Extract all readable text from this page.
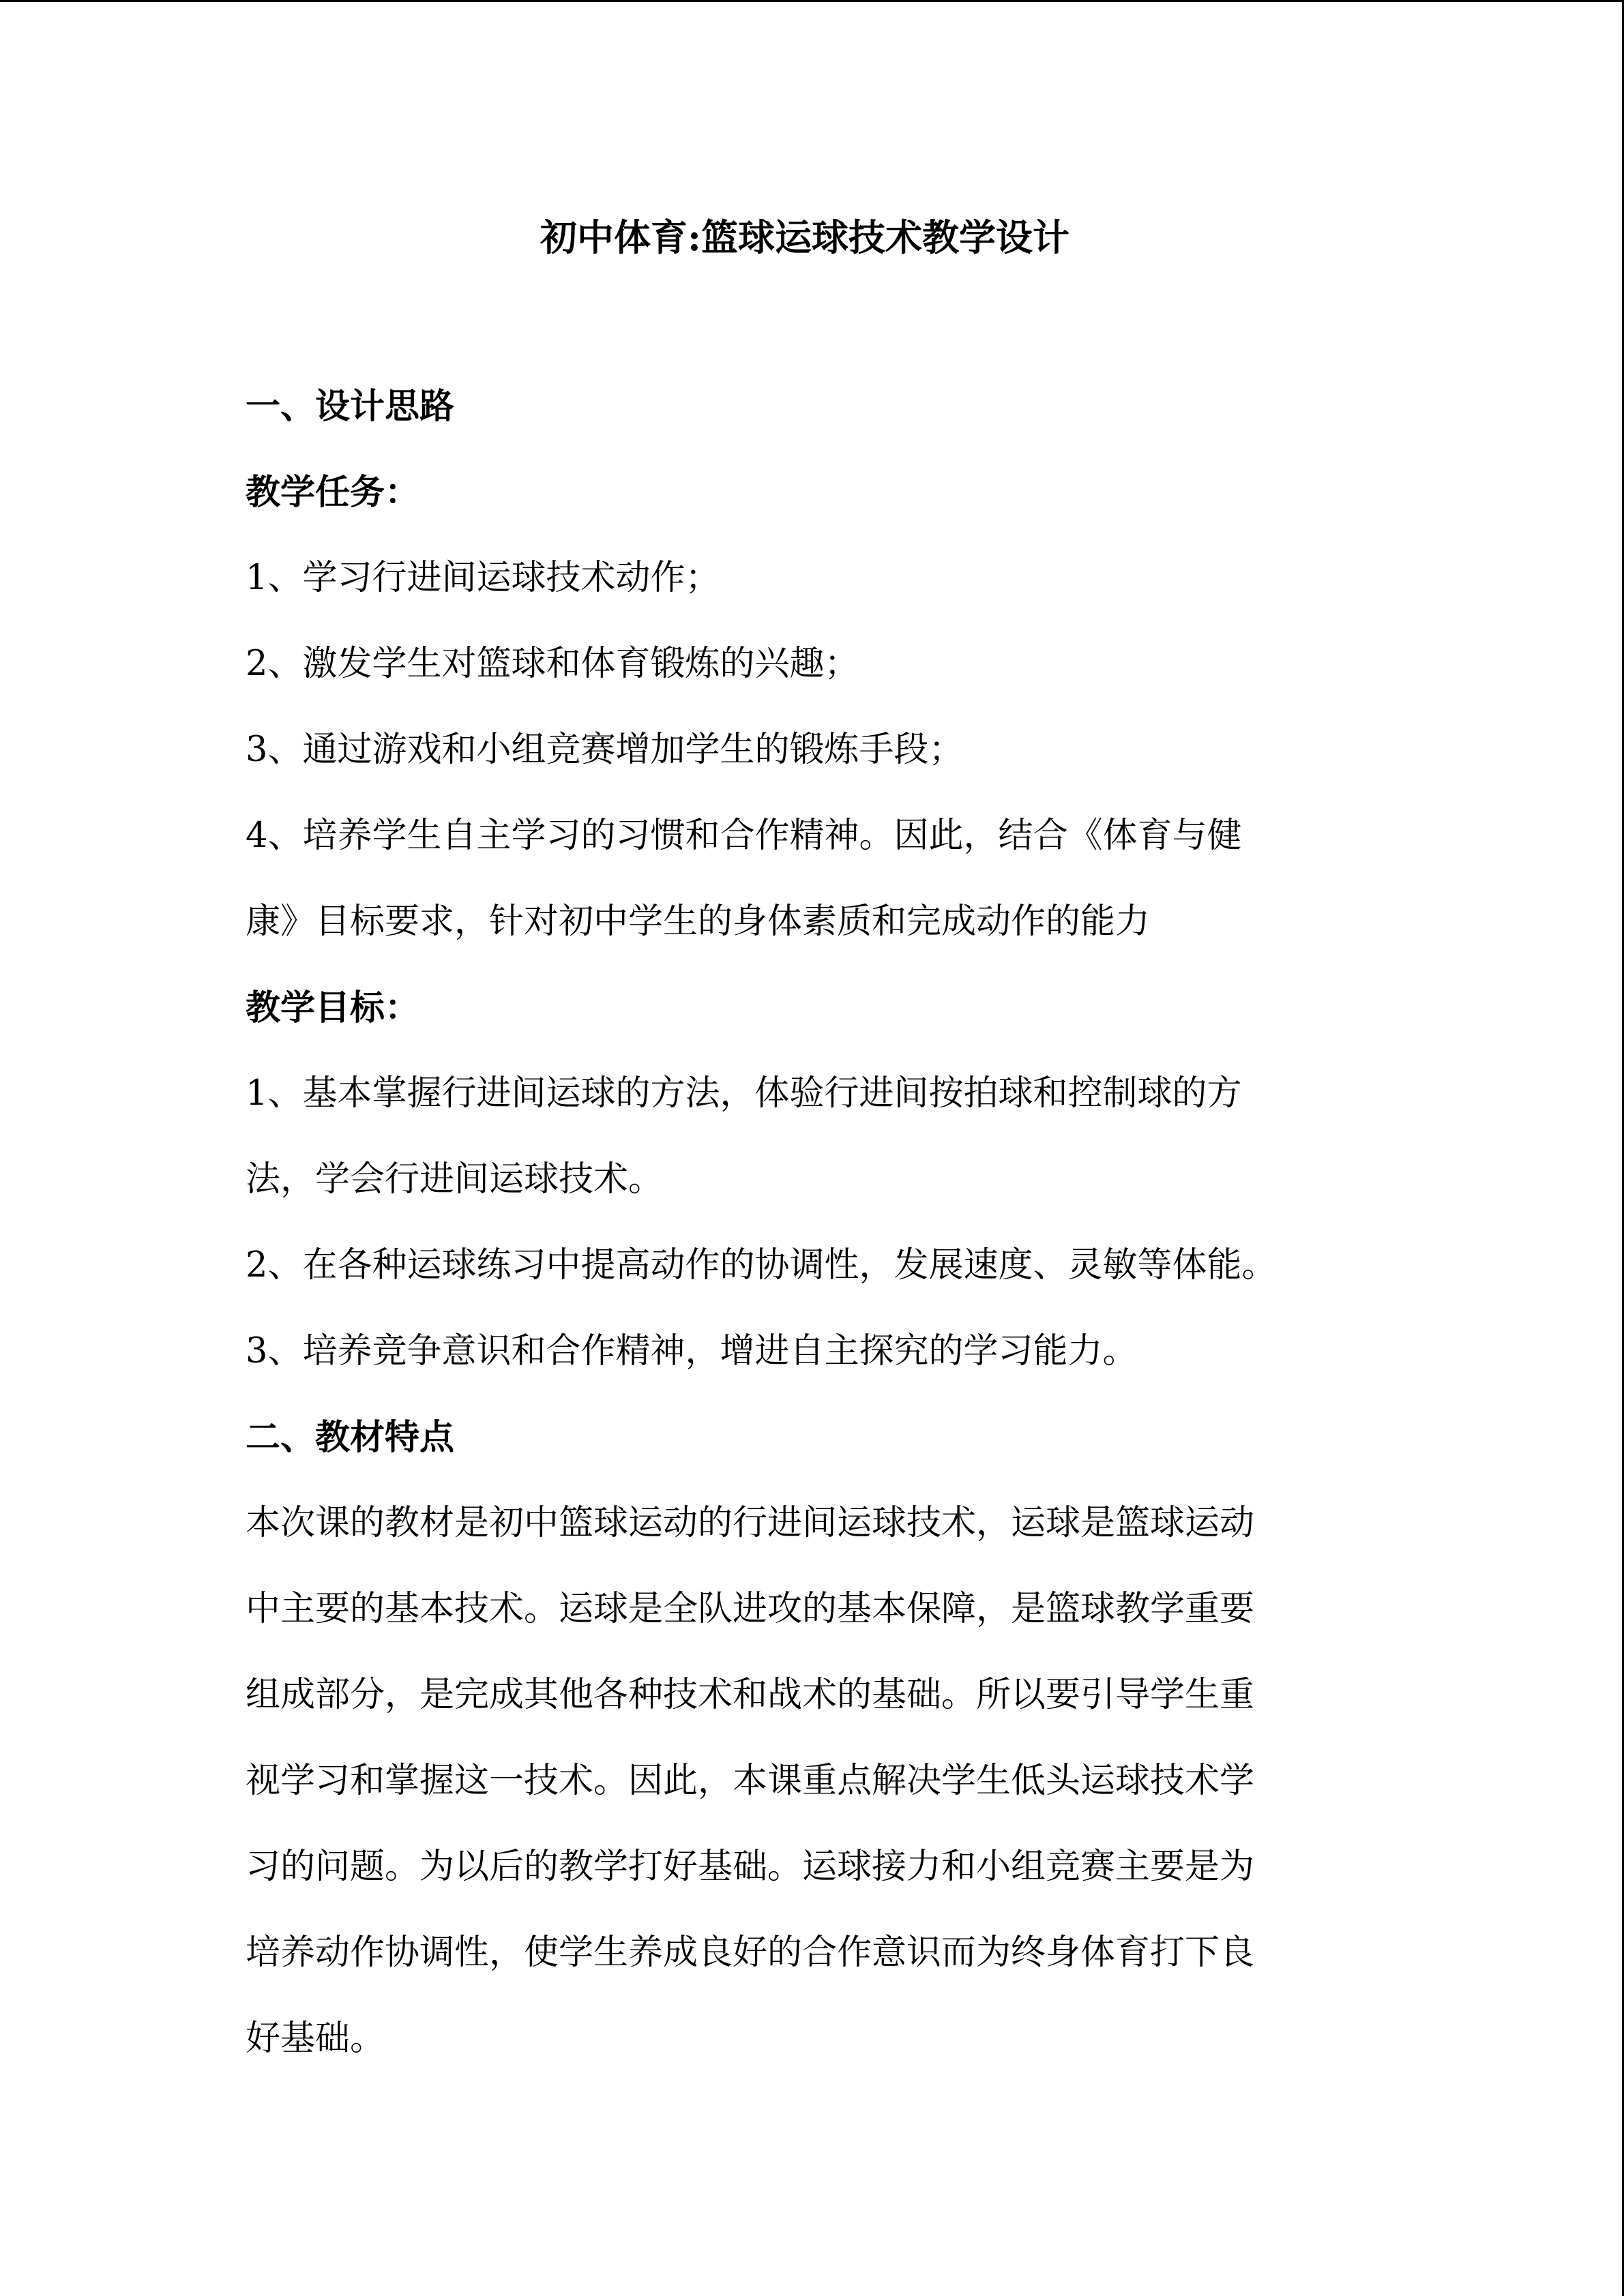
初中体育:篮球运球技术教学设计
一、设计思路

教学任务：

1、学习行进间运球技术动作；

2、激发学生对篮球和体育锻炼的兴趣；

3、通过游戏和小组竞赛增加学生的锻炼手段；

4、培养学生自主学习的习惯和合作精神。因此，结合《体育与健

康》目标要求，针对初中学生的身体素质和完成动作的能力

教学目标：

1、基本掌握行进间运球的方法，体验行进间按拍球和控制球的方

法，学会行进间运球技术。

2、在各种运球练习中提高动作的协调性，发展速度、灵敏等体能。

3、培养竞争意识和合作精神，增进自主探究的学习能力。

二、教材特点

本次课的教材是初中篮球运动的行进间运球技术，运球是篮球运动

中主要的基本技术。运球是全队进攻的基本保障，是篮球教学重要

组成部分，是完成其他各种技术和战术的基础。所以要引导学生重

视学习和掌握这一技术。因此，本课重点解决学生低头运球技术学

习的问题。为以后的教学打好基础。运球接力和小组竞赛主要是为

培养动作协调性，使学生养成良好的合作意识而为终身体育打下良

好基础。
